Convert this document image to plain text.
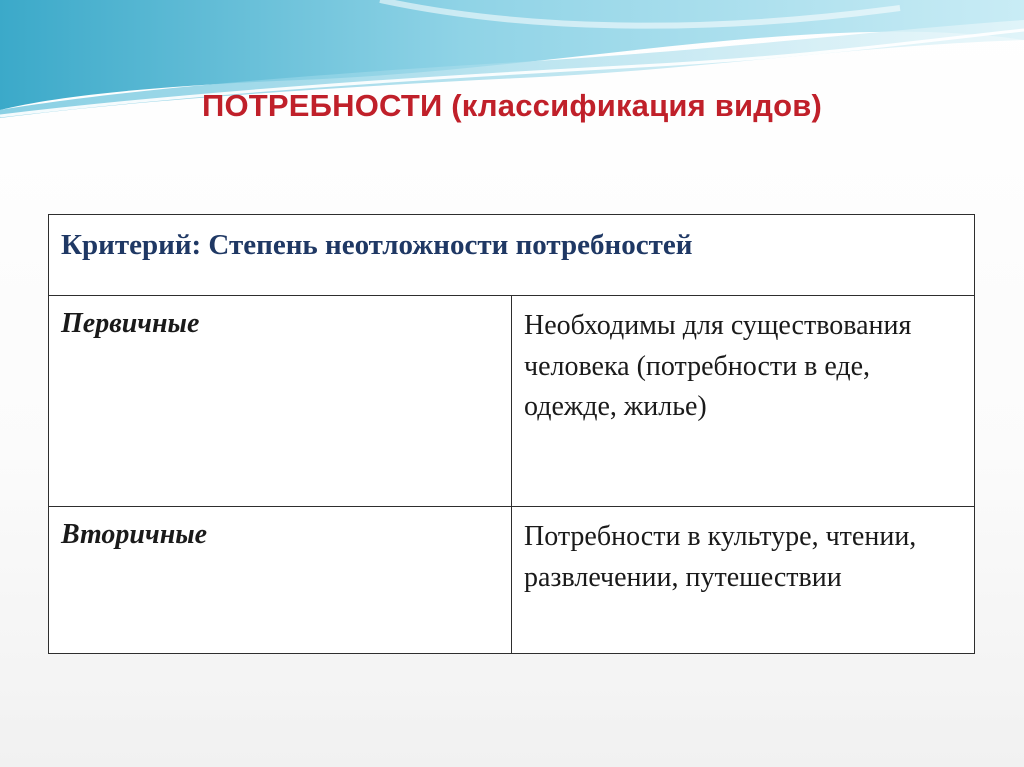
ПОТРЕБНОСТИ (классификация видов)
Критерий: Степень неотложности потребностей	
Первичные	Необходимы для существования человека (потребности в еде, одежде, жилье)
Вторичные	Потребности в культуре, чтении, развлечении, путешествии
